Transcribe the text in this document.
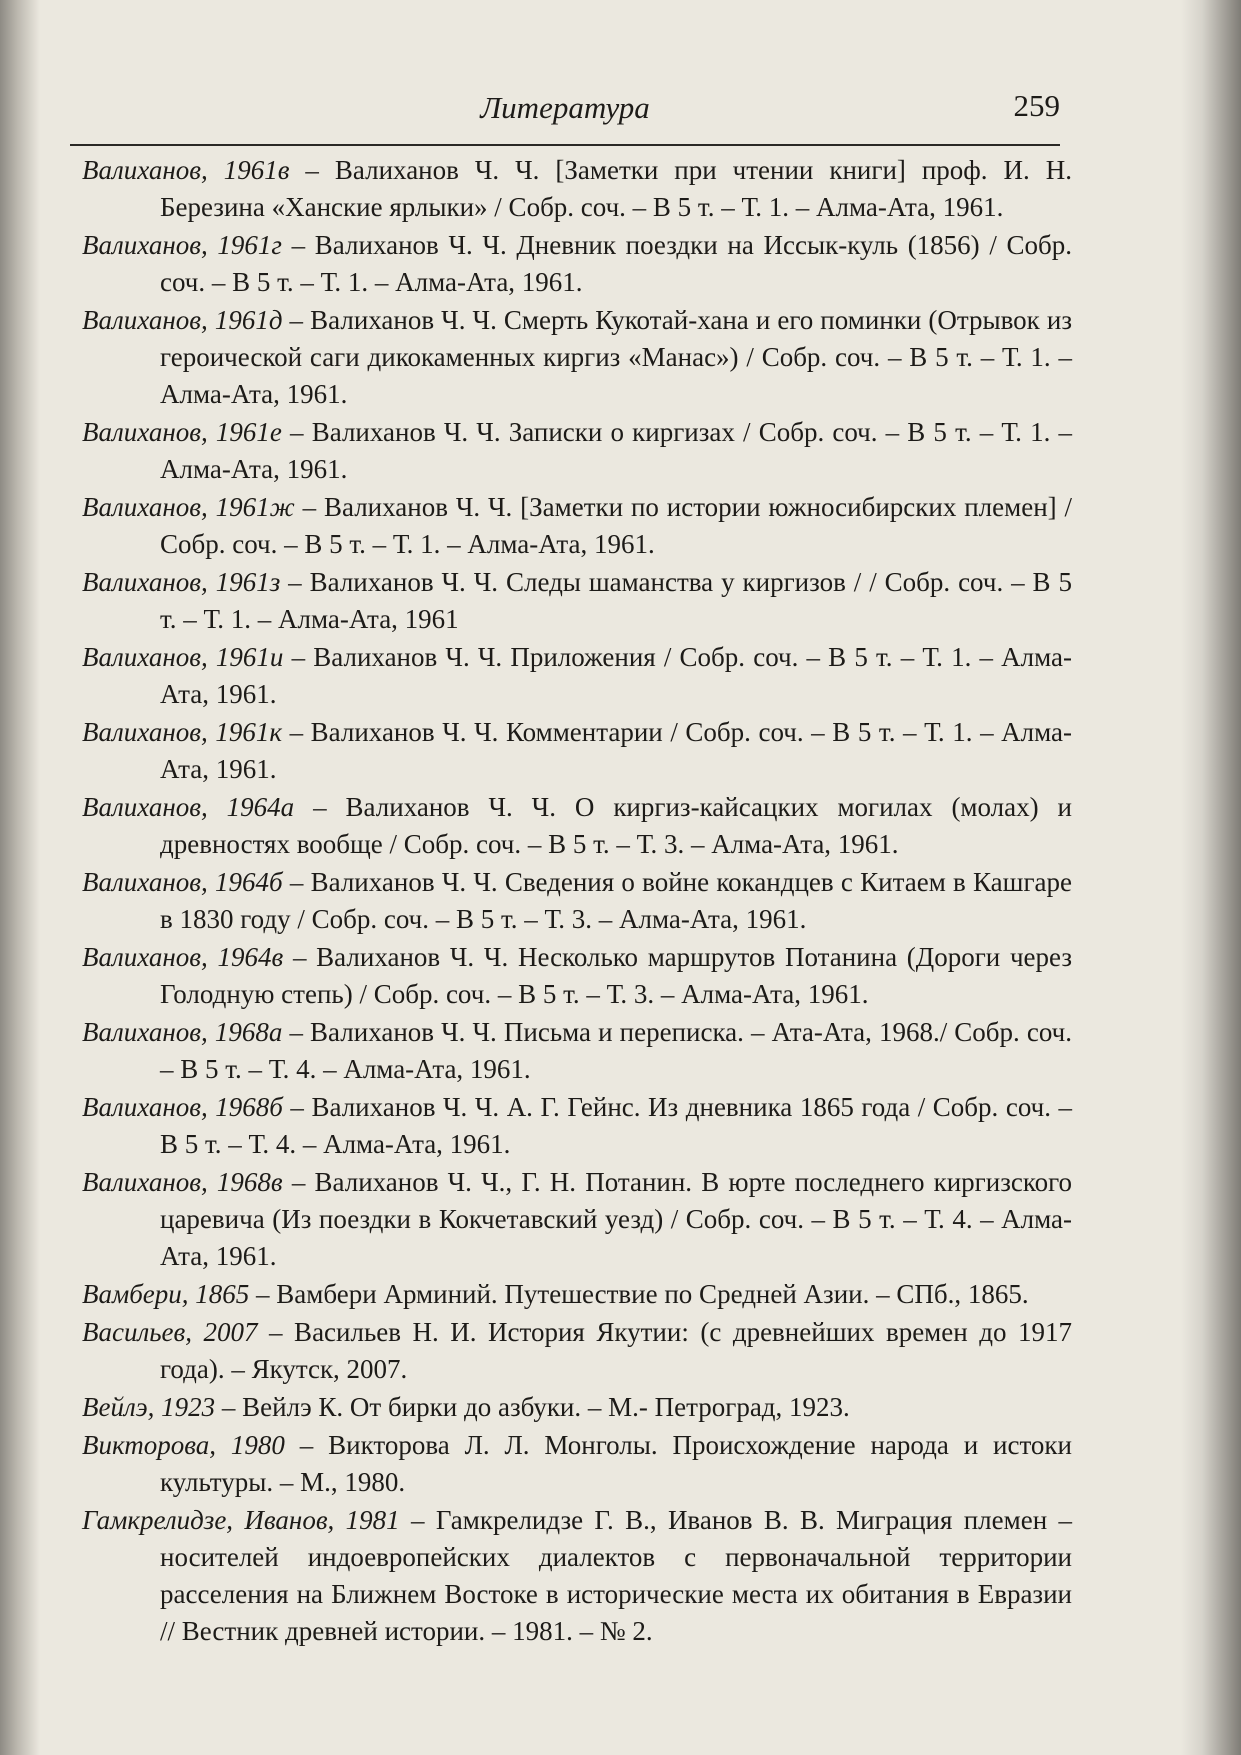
Литература	259

Валиханов, 1961в – Валиханов Ч. Ч. [Заметки при чтении книги] проф. И. Н. Березина «Ханские ярлыки» / Собр. соч. – В 5 т. – Т. 1. – Алма-Ата, 1961.

Валиханов, 1961г – Валиханов Ч. Ч. Дневник поездки на Иссык-куль (1856) / Собр. соч. – В 5 т. – Т. 1. – Алма-Ата, 1961.

Валиханов, 1961д – Валиханов Ч. Ч. Смерть Кукотай-хана и его поминки (Отрывок из героической саги дикокаменных киргиз «Манас») / Собр. соч. – В 5 т. – Т. 1. – Алма-Ата, 1961.

Валиханов, 1961е – Валиханов Ч. Ч. Записки о киргизах / Собр. соч. – В 5 т. – Т. 1. – Алма-Ата, 1961.

Валиханов, 1961ж – Валиханов Ч. Ч. [Заметки по истории южносибирских племен] / Собр. соч. – В 5 т. – Т. 1. – Алма-Ата, 1961.

Валиханов, 1961з – Валиханов Ч. Ч. Следы шаманства у киргизов / / Собр. соч. – В 5 т. – Т. 1. – Алма-Ата, 1961

Валиханов, 1961и – Валиханов Ч. Ч. Приложения / Собр. соч. – В 5 т. – Т. 1. – Алма-Ата, 1961.

Валиханов, 1961к – Валиханов Ч. Ч. Комментарии / Собр. соч. – В 5 т. – Т. 1. – Алма-Ата, 1961.

Валиханов, 1964а – Валиханов Ч. Ч. О киргиз-кайсацких могилах (молах) и древностях вообще / Собр. соч. – В 5 т. – Т. 3. – Алма-Ата, 1961.

Валиханов, 1964б – Валиханов Ч. Ч. Сведения о войне кокандцев с Китаем в Кашгаре в 1830 году / Собр. соч. – В 5 т. – Т. 3. – Алма-Ата, 1961.

Валиханов, 1964в – Валиханов Ч. Ч. Несколько маршрутов Потанина (Дороги через Голодную степь) / Собр. соч. – В 5 т. – Т. 3. – Алма-Ата, 1961.

Валиханов, 1968а – Валиханов Ч. Ч. Письма и переписка. – Ата-Ата, 1968./ Собр. соч. – В 5 т. – Т. 4. – Алма-Ата, 1961.

Валиханов, 1968б – Валиханов Ч. Ч. А. Г. Гейнс. Из дневника 1865 года / Собр. соч. – В 5 т. – Т. 4. – Алма-Ата, 1961.

Валиханов, 1968в – Валиханов Ч. Ч., Г. Н. Потанин. В юрте последнего киргизского царевича (Из поездки в Кокчетавский уезд) / Собр. соч. – В 5 т. – Т. 4. – Алма-Ата, 1961.

Вамбери, 1865 – Вамбери Арминий. Путешествие по Средней Азии. – СПб., 1865.

Васильев, 2007 – Васильев Н. И. История Якутии: (с древнейших времен до 1917 года). – Якутск, 2007.

Вейлэ, 1923 – Вейлэ К. От бирки до азбуки. – М.- Петроград, 1923.

Викторова, 1980 – Викторова Л. Л. Монголы. Происхождение народа и истоки культуры. – М., 1980.

Гамкрелидзе, Иванов, 1981 – Гамкрелидзе Г. В., Иванов В. В. Миграция племен – носителей индоевропейских диалектов с первоначальной территории расселения на Ближнем Востоке в исторические места их обитания в Евразии // Вестник древней истории. – 1981. – № 2.
